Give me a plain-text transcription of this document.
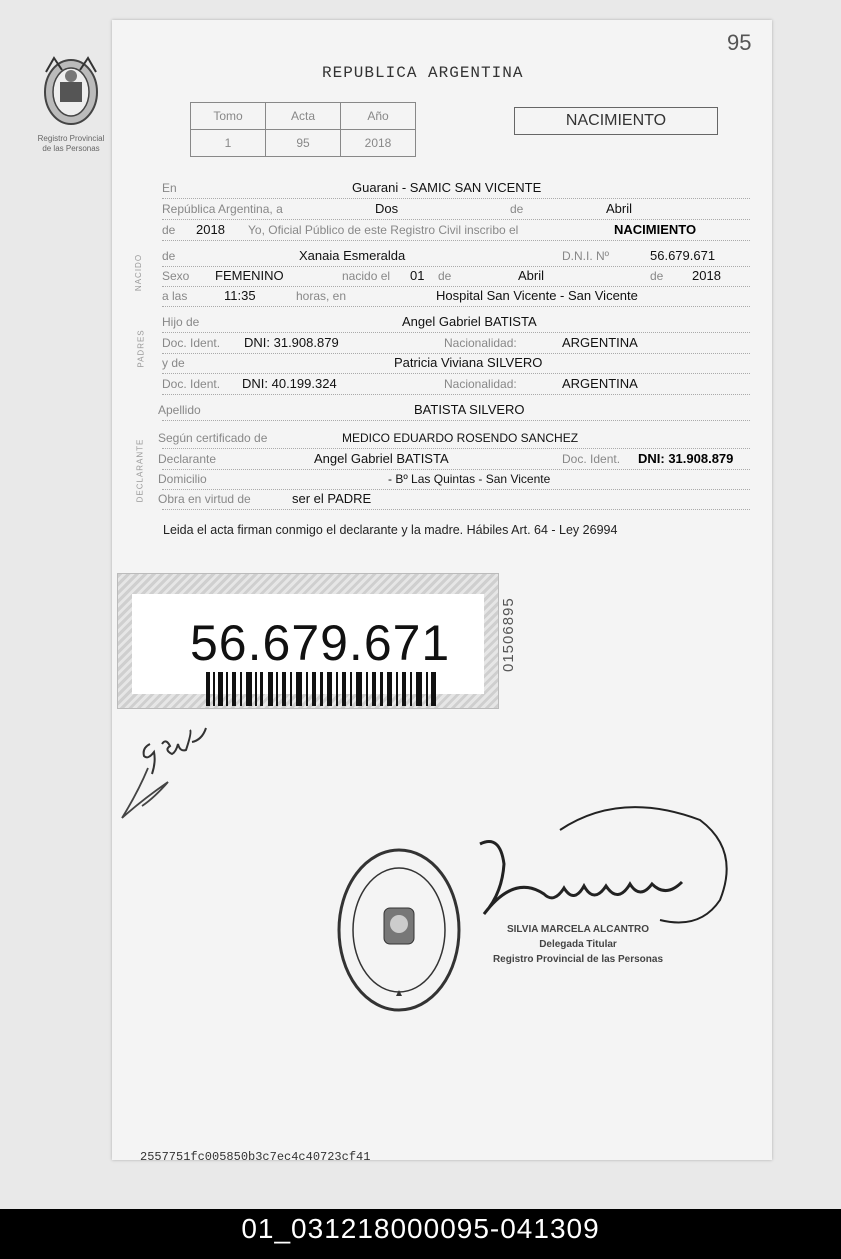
95
Registro Provincial
de las Personas
REPUBLICA ARGENTINA
Tomo	Acta	Año
1	95	2018
NACIMIENTO
En	Guarani - SAMIC SAN VICENTE
República Argentina, a	Dos	de	Abril
de 2018 Yo, Oficial Público de este Registro Civil inscribo el	NACIMIENTO
NACIDO de	Xanaia Esmeralda	D.N.I. Nº	56.679.671
Sexo FEMENINO	nacido el 01 de	Abril	de 2018
a las	11:35	horas, en	Hospital San Vicente - San Vicente
PADRES
Hijo de	Angel Gabriel BATISTA
Doc. Ident. DNI: 31.908.879	Nacionalidad:	ARGENTINA
y de	Patricia Viviana SILVERO
Doc. Ident. DNI: 40.199.324	Nacionalidad:	ARGENTINA
Apellido	BATISTA SILVERO
DECLARANTE
Según certificado de	MEDICO EDUARDO ROSENDO SANCHEZ
Declarante	Angel Gabriel BATISTA	Doc. Ident. DNI: 31.908.879
Domicilio	- Bº Las Quintas - San Vicente
Obra en virtud de	ser el PADRE
Leida el acta firman conmigo el declarante y la madre. Hábiles Art. 64 - Ley 26994
56.679.671	01506895
SILVIA MARCELA ALCANTRO
Delegada Titular
Registro Provincial de las Personas
2557751fc005850b3c7ec4c40723cf41
01_031218000095-041309
